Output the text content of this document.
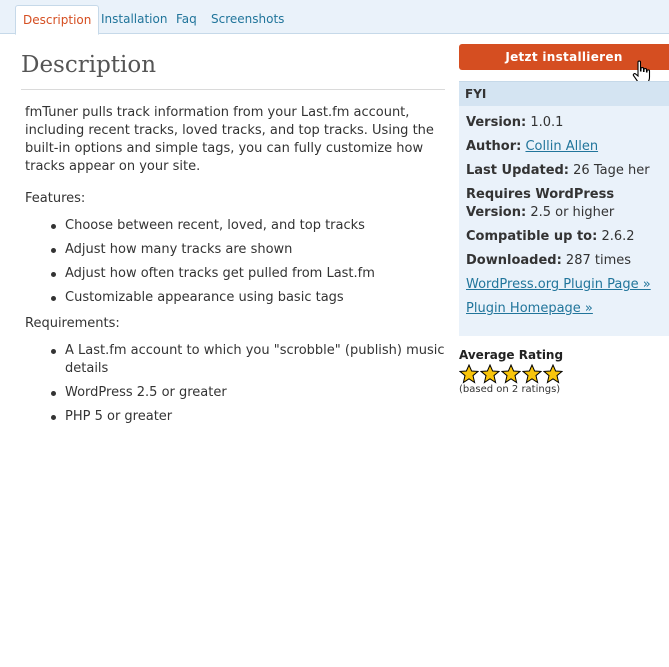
Description Installation Faq	Screenshots
Description

fmTuner pulls track information from your Last.fm account, including recent tracks, loved tracks, and top tracks. Using the built-in options and simple tags, you can fully customize how tracks appear on your site.

Features:
Choose between recent, loved, and top tracks
Adjust how many tracks are shown
Adjust how often tracks get pulled from Last.fm
Customizable appearance using basic tags
Requirements:
A Last.fm account to which you "scrobble" (publish) music details
WordPress 2.5 or greater
PHP 5 or greater
Jetzt installieren
FYI
Version: 1.0.1
Author: Collin Allen
Last Updated: 26 Tage her
Requires WordPress
Version: 2.5 or higher
Compatible up to: 2.6.2
Downloaded: 287 times
WordPress.org Plugin Page »
Plugin Homepage »
Average Rating
(based on 2 ratings)
